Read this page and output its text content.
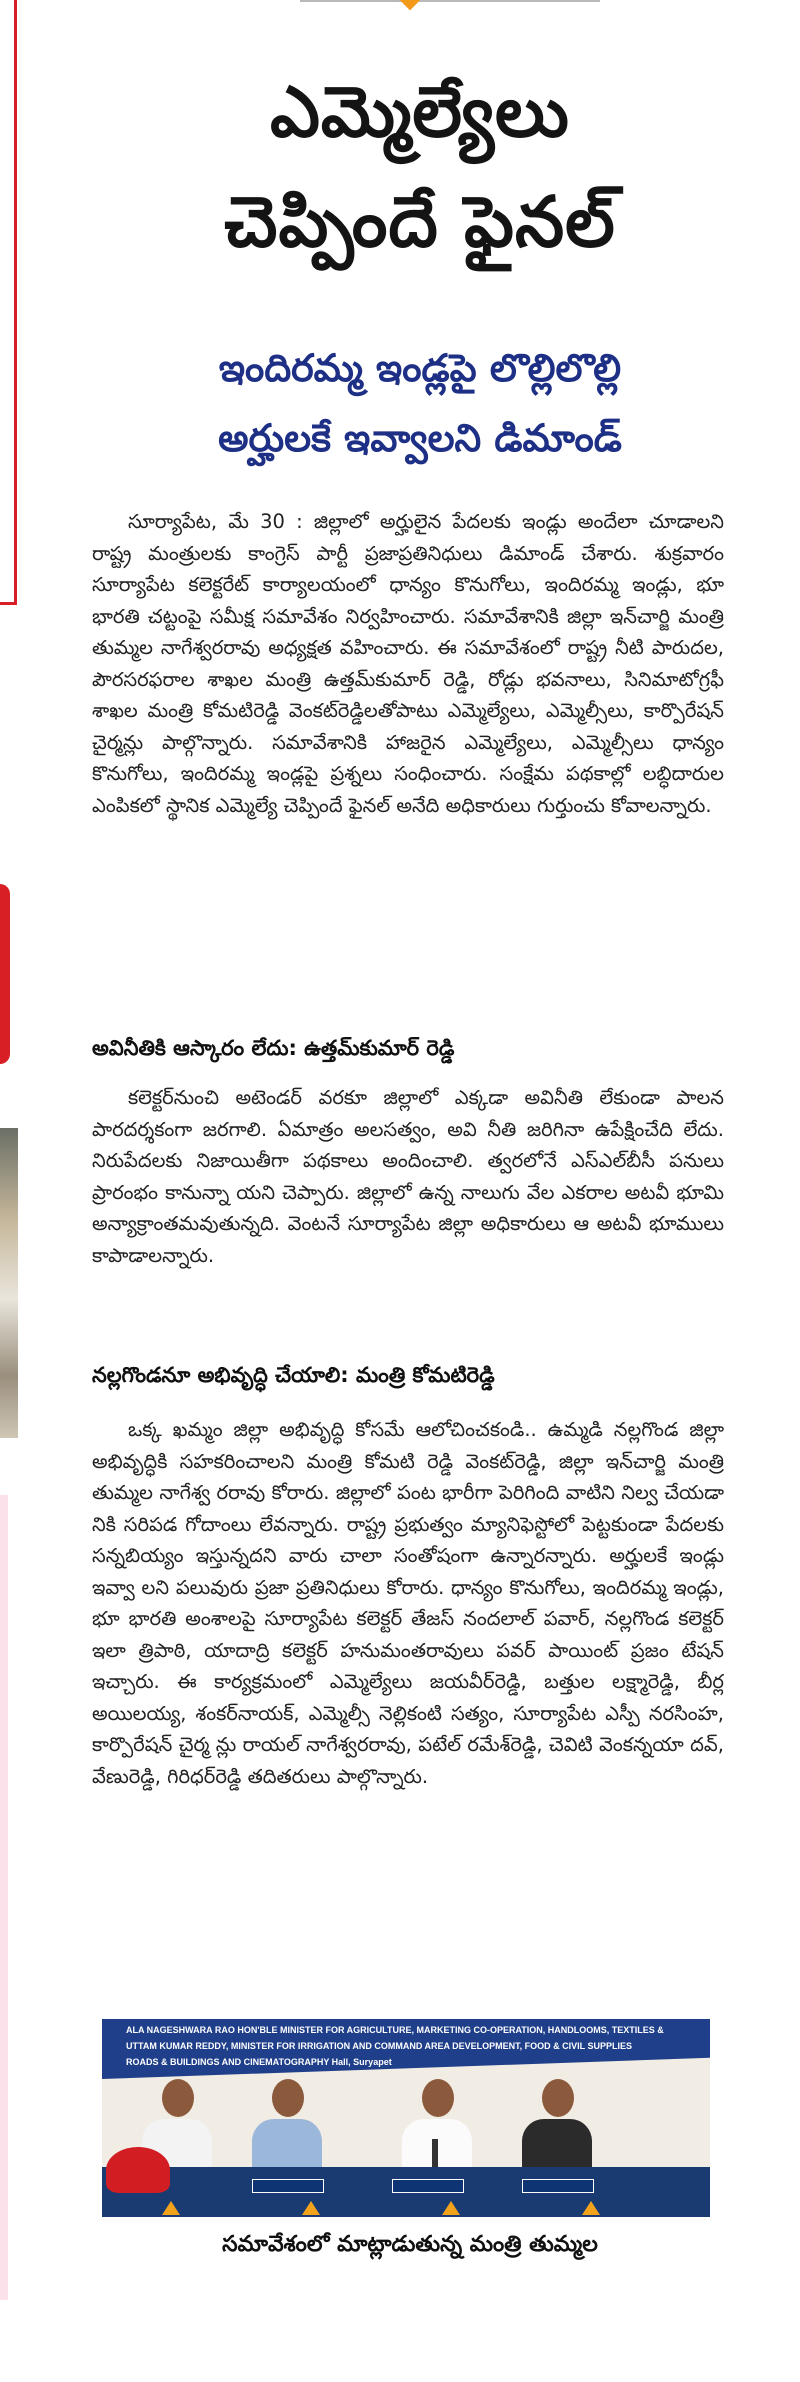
ఎమ్మెల్యేలు
చెప్పిందే ఫైనల్
ఇందిరమ్మ ఇండ్లపై లొల్లిలొల్లి
అర్హులకే ఇవ్వాలని డిమాండ్

సూర్యాపేట, మే 30 : జిల్లాలో అర్హులైన పేదలకు ఇండ్లు అందేలా చూడాలని రాష్ట్ర మంత్రులకు కాంగ్రెస్ పార్టీ ప్రజాప్రతినిధులు డిమాండ్ చేశారు. శుక్రవారం సూర్యాపేట కలెక్టరేట్ కార్యాలయంలో ధాన్యం కొనుగోలు, ఇందిరమ్మ ఇండ్లు, భూ భారతి చట్టంపై సమీక్ష సమావేశం నిర్వహించారు. సమావేశానికి జిల్లా ఇన్‌చార్జి మంత్రి తుమ్మల నాగేశ్వరరావు అధ్యక్షత వహించారు. ఈ సమావేశంలో రాష్ట్ర నీటి పారుదల, పౌరసరఫరాల శాఖల మంత్రి ఉత్తమ్‌కుమార్ రెడ్డి, రోడ్లు భవనాలు, సినిమాటోగ్రఫీ శాఖల మంత్రి కోమటిరెడ్డి వెంకట్‌రెడ్డిలతోపాటు ఎమ్మెల్యేలు, ఎమ్మెల్సీలు, కార్పొరేషన్ చైర్మన్లు పాల్గొన్నారు. సమావేశానికి హాజరైన ఎమ్మెల్యేలు, ఎమ్మెల్సీలు ధాన్యం కొనుగోలు, ఇందిరమ్మ ఇండ్లపై ప్రశ్నలు సంధించారు. సంక్షేమ పథకాల్లో లబ్ధిదారుల ఎంపికలో స్థానిక ఎమ్మెల్యే చెప్పిందే ఫైనల్ అనేది అధికారులు గుర్తుంచు కోవాలన్నారు.

అవినీతికి ఆస్కారం లేదు: ఉత్తమ్‌కుమార్ రెడ్డి

కలెక్టర్‌నుంచి అటెండర్ వరకూ జిల్లాలో ఎక్కడా అవినీతి లేకుండా పాలన పారదర్శకంగా జరగాలి. ఏమాత్రం అలసత్వం, అవి నీతి జరిగినా ఉపేక్షించేది లేదు. నిరుపేదలకు నిజాయితీగా పథకాలు అందించాలి. త్వరలోనే ఎస్ఎల్‌బీసీ పనులు ప్రారంభం కానున్నా యని చెప్పారు. జిల్లాలో ఉన్న నాలుగు వేల ఎకరాల అటవీ భూమి అన్యాక్రాంతమవుతున్నది. వెంటనే సూర్యాపేట జిల్లా అధికారులు ఆ అటవీ భూములు కాపాడాలన్నారు.

నల్లగొండనూ అభివృద్ధి చేయాలి: మంత్రి కోమటిరెడ్డి

ఒక్క ఖమ్మం జిల్లా అభివృద్ధి కోసమే ఆలోచించకండి.. ఉమ్మడి నల్లగొండ జిల్లా అభివృద్ధికి సహకరించాలని మంత్రి కోమటి రెడ్డి వెంకట్‌రెడ్డి, జిల్లా ఇన్‌చార్జి మంత్రి తుమ్మల నాగేశ్వ రరావు కోరారు. జిల్లాలో పంట భారీగా పెరిగింది వాటిని నిల్వ చేయడా నికి సరిపడ గోదాంలు లేవన్నారు. రాష్ట్ర ప్రభుత్వం మ్యానిఫెస్టోలో పెట్టకుండా పేదలకు సన్నబియ్యం ఇస్తున్నదని వారు చాలా సంతోషంగా ఉన్నారన్నారు. అర్హులకే ఇండ్లు ఇవ్వా లని పలువురు ప్రజా ప్రతినిధులు కోరారు. ధాన్యం కొనుగోలు, ఇందిరమ్మ ఇండ్లు, భూ భారతి అంశాలపై సూర్యాపేట కలెక్టర్ తేజస్ నందలాల్ పవార్, నల్లగొండ కలెక్టర్ ఇలా త్రిపాఠి, యాదాద్రి కలెక్టర్ హనుమంతరావులు పవర్ పాయింట్ ప్రజం టేషన్ ఇచ్చారు. ఈ కార్యక్రమంలో ఎమ్మెల్యేలు జయవీర్‌రెడ్డి, బత్తుల లక్ష్మారెడ్డి, బీర్ల అయిలయ్య, శంకర్‌నాయక్, ఎమ్మెల్సీ నెల్లికంటి సత్యం, సూర్యాపేట ఎస్పీ నరసింహ, కార్పొరేషన్ చైర్మ న్లు రాయల్ నాగేశ్వరరావు, పటేల్ రమేశ్‌రెడ్డి, చెవిటి వెంకన్నయా దవ్, వేణురెడ్డి, గిరిధర్‌రెడ్డి తదితరులు పాల్గొన్నారు.

ALA NAGESHWARA RAO HON'BLE MINISTER FOR AGRICULTURE, MARKETING CO-OPERATION, HANDLOOMS, TEXTILES &
UTTAM KUMAR REDDY, MINISTER FOR IRRIGATION AND COMMAND AREA DEVELOPMENT, FOOD & CIVIL SUPPLIES
ROADS & BUILDINGS AND CINEMATOGRAPHY Hall, Suryapet
సమావేశంలో మాట్లాడుతున్న మంత్రి తుమ్మల
